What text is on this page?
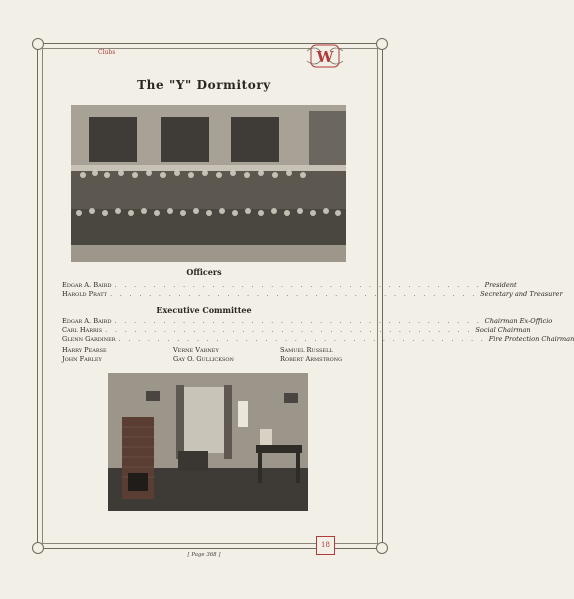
Clubs	W
The "Y" Dormitory
Officers
Edgar A. Baird . . . . . . . . . . . . . . . . . . . . . . . . . . . . . . . . . . . . . . President
Harold Pratt . . . . . . . . . . . . . . . . . . . . . . . . . . . . . . . . . . . . . . Secretary and Treasurer
Executive Committee
Edgar A. Baird . . . . . . . . . . . . . . . . . . . . . . . . . . . . . . . . . . . . . . Chairman Ex-Officio
Carl Harris . . . . . . . . . . . . . . . . . . . . . . . . . . . . . . . . . . . . . . Social Chairman
Glenn Gardiner . . . . . . . . . . . . . . . . . . . . . . . . . . . . . . . . . . . . . . Fire Protection Chairman
Harry Pearse	Verne Varney	Samuel Russell
John Farley	Gay O. Gullickson	Robert Armstrong
18
[ Page 368 ]
